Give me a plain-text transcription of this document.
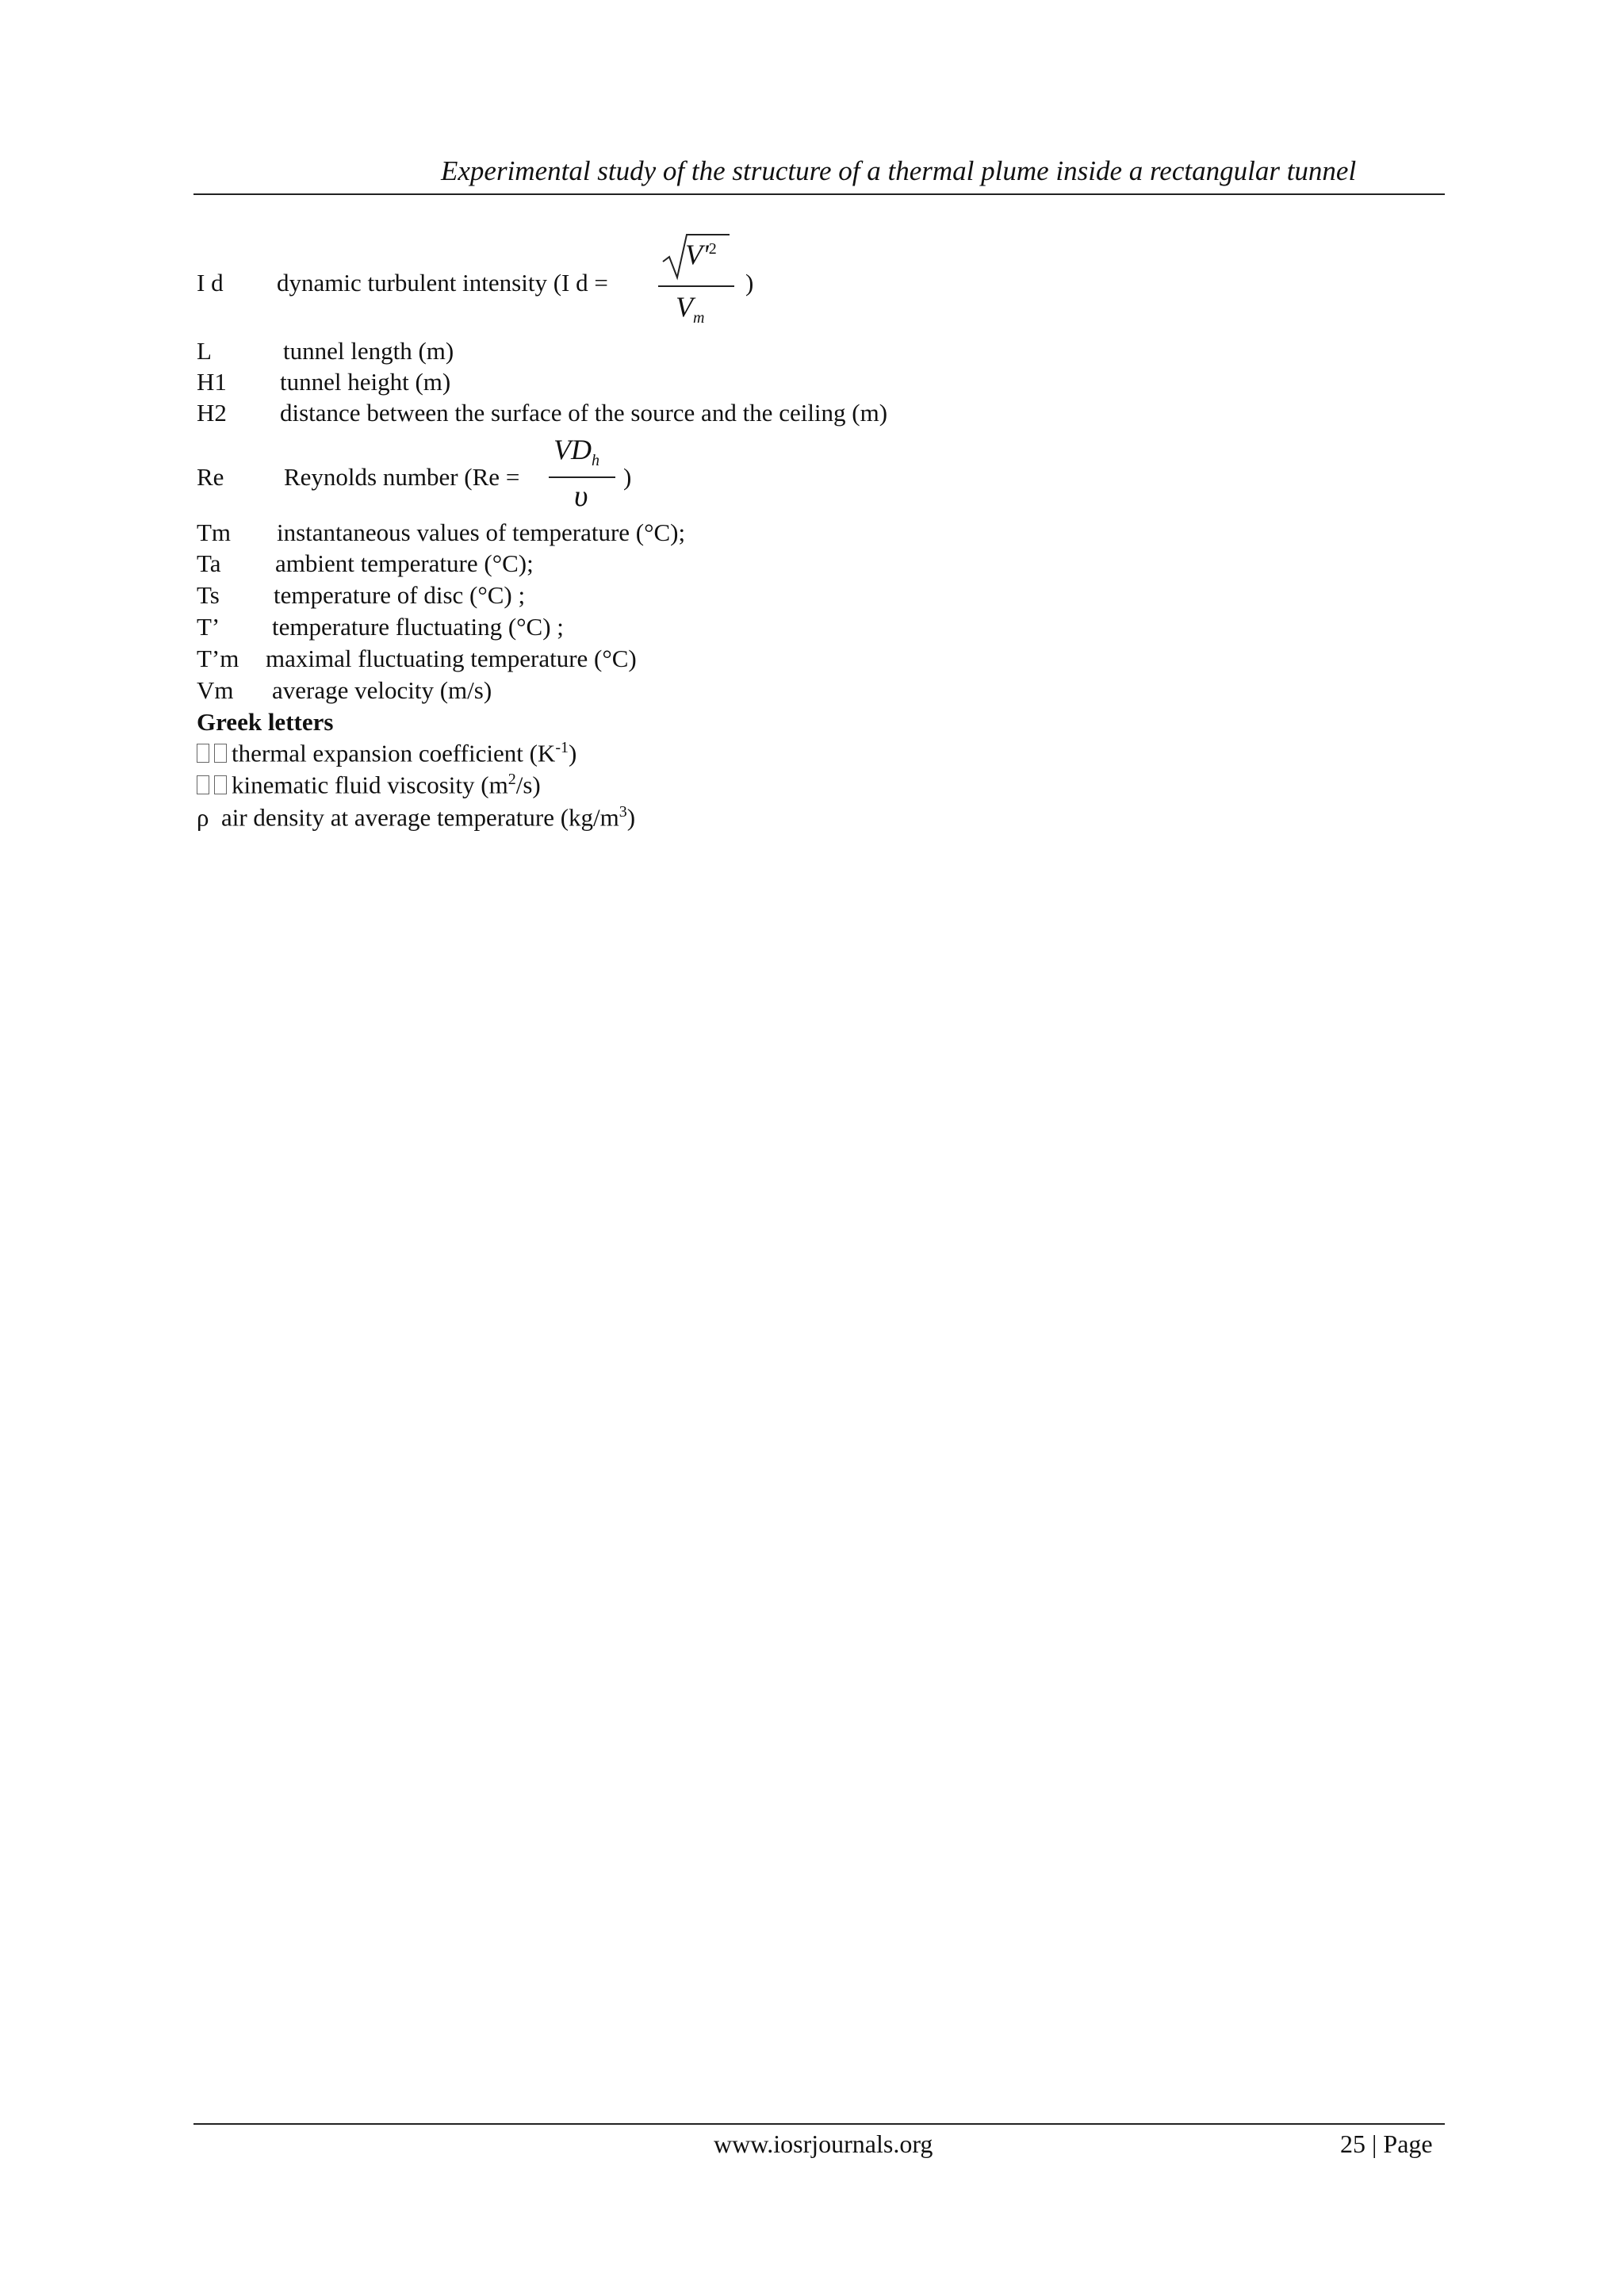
Experimental study of the structure of a thermal plume inside a rectangular tunnel
I d dynamic turbulent intensity (I d =
$V'^2$
$V_m$
)
L	tunnel length (m)
H1 tunnel height (m)
H2 distance between the surface of the source and the ceiling (m)
Re Reynolds number (Re =
$VD_h$
υ
)
Tm instantaneous values of temperature (°C);
Ta ambient temperature (°C);
Ts temperature of disc (°C) ;
T’ temperature fluctuating (°C) ;
T’m maximal fluctuating temperature (°C)
Vm average velocity (m/s)
Greek letters
thermal expansion coefficient $(K^{-1})$
kinematic fluid viscosity $(m^2/s)$
ρ air density at average temperature $(kg/m^3)$
www.iosrjournals.org	25 | Page
